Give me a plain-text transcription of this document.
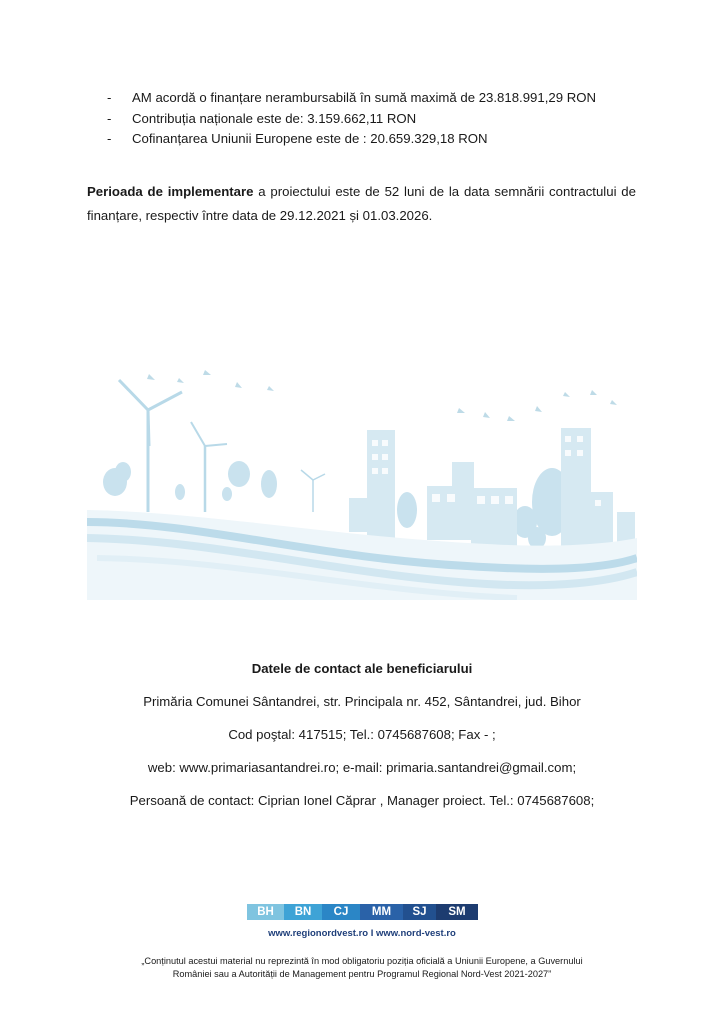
- AM acordă o finanțare nerambursabilă în sumă maximă de 23.818.991,29 RON
- Contribuția naționale este de: 3.159.662,11 RON
- Cofinanțarea Uniunii Europene este de : 20.659.329,18 RON

Perioada de implementare a proiectului este de 52 luni de la data semnării contractului de finanțare, respectiv între data de 29.12.2021 și 01.03.2026.

Datele de contact ale beneficiarului

Primăria Comunei Sântandrei, str. Principala nr. 452, Sântandrei, jud. Bihor

Cod poştal: 417515; Tel.: 0745687608; Fax - ;

web: www.primariasantandrei.ro; e-mail: primaria.santandrei@gmail.com;

Persoană de contact: Ciprian Ionel Căprar , Manager proiect. Tel.: 0745687608;

BH	BN	CJ	MM	SJ	SM
www.regionordvest.ro I www.nord-vest.ro

„Conținutul acestui material nu reprezintă în mod obligatoriu poziția oficială a Uniunii Europene, a Guvernului
României sau a Autorității de Management pentru Programul Regional Nord-Vest 2021-2027”
